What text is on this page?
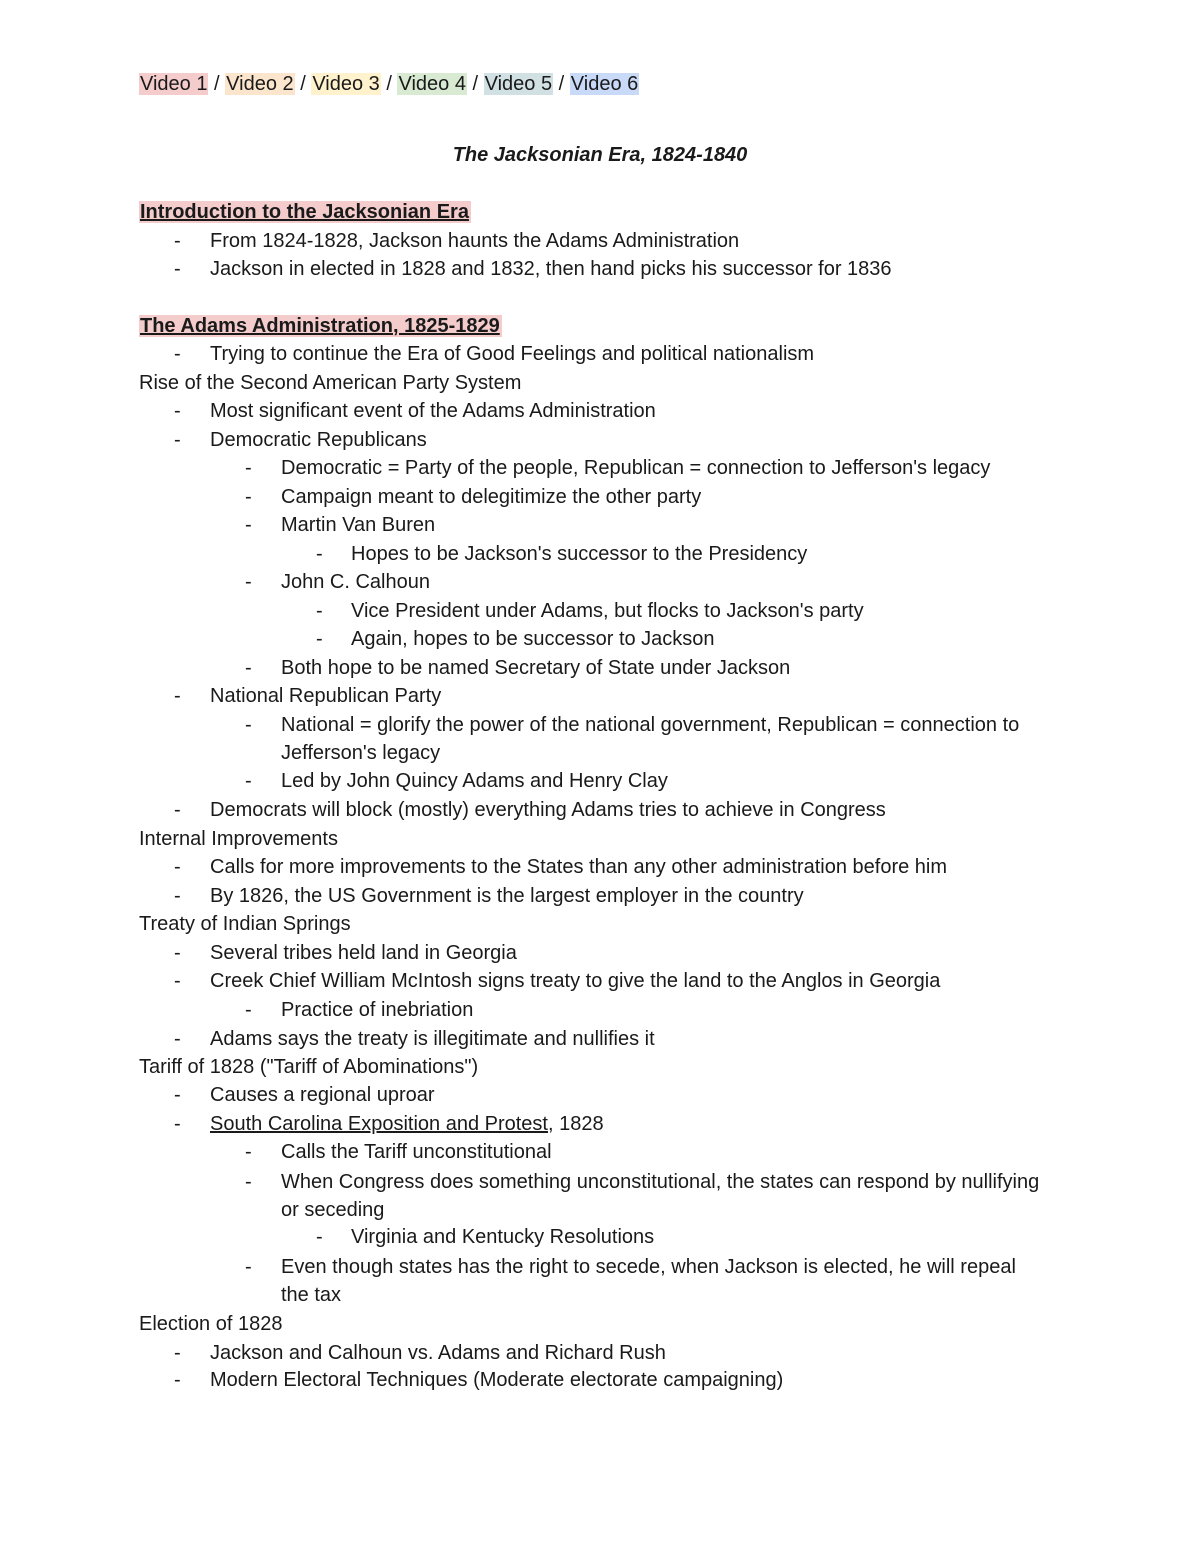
Video 1 / Video 2 / Video 3 / Video 4 / Video 5 / Video 6
The Jacksonian Era, 1824-1840
Introduction to the Jacksonian Era
- From 1824-1828, Jackson haunts the Adams Administration
- Jackson in elected in 1828 and 1832, then hand picks his successor for 1836
The Adams Administration, 1825-1829
- Trying to continue the Era of Good Feelings and political nationalism
Rise of the Second American Party System
- Most significant event of the Adams Administration
- Democratic Republicans
- Democratic = Party of the people, Republican = connection to Jefferson's legacy
- Campaign meant to delegitimize the other party
- Martin Van Buren
- Hopes to be Jackson's successor to the Presidency
- John C. Calhoun
- Vice President under Adams, but flocks to Jackson's party
- Again, hopes to be successor to Jackson
- Both hope to be named Secretary of State under Jackson
- National Republican Party
- National = glorify the power of the national government, Republican = connection to Jefferson's legacy
- Led by John Quincy Adams and Henry Clay
- Democrats will block (mostly) everything Adams tries to achieve in Congress
Internal Improvements
- Calls for more improvements to the States than any other administration before him
- By 1826, the US Government is the largest employer in the country
Treaty of Indian Springs
- Several tribes held land in Georgia
- Creek Chief William McIntosh signs treaty to give the land to the Anglos in Georgia
- Practice of inebriation
- Adams says the treaty is illegitimate and nullifies it
Tariff of 1828 ("Tariff of Abominations")
- Causes a regional uproar
- South Carolina Exposition and Protest, 1828
- Calls the Tariff unconstitutional
- When Congress does something unconstitutional, the states can respond by nullifying or seceding
- Virginia and Kentucky Resolutions
- Even though states has the right to secede, when Jackson is elected, he will repeal the tax
Election of 1828
- Jackson and Calhoun vs. Adams and Richard Rush
- Modern Electoral Techniques (Moderate electorate campaigning)
